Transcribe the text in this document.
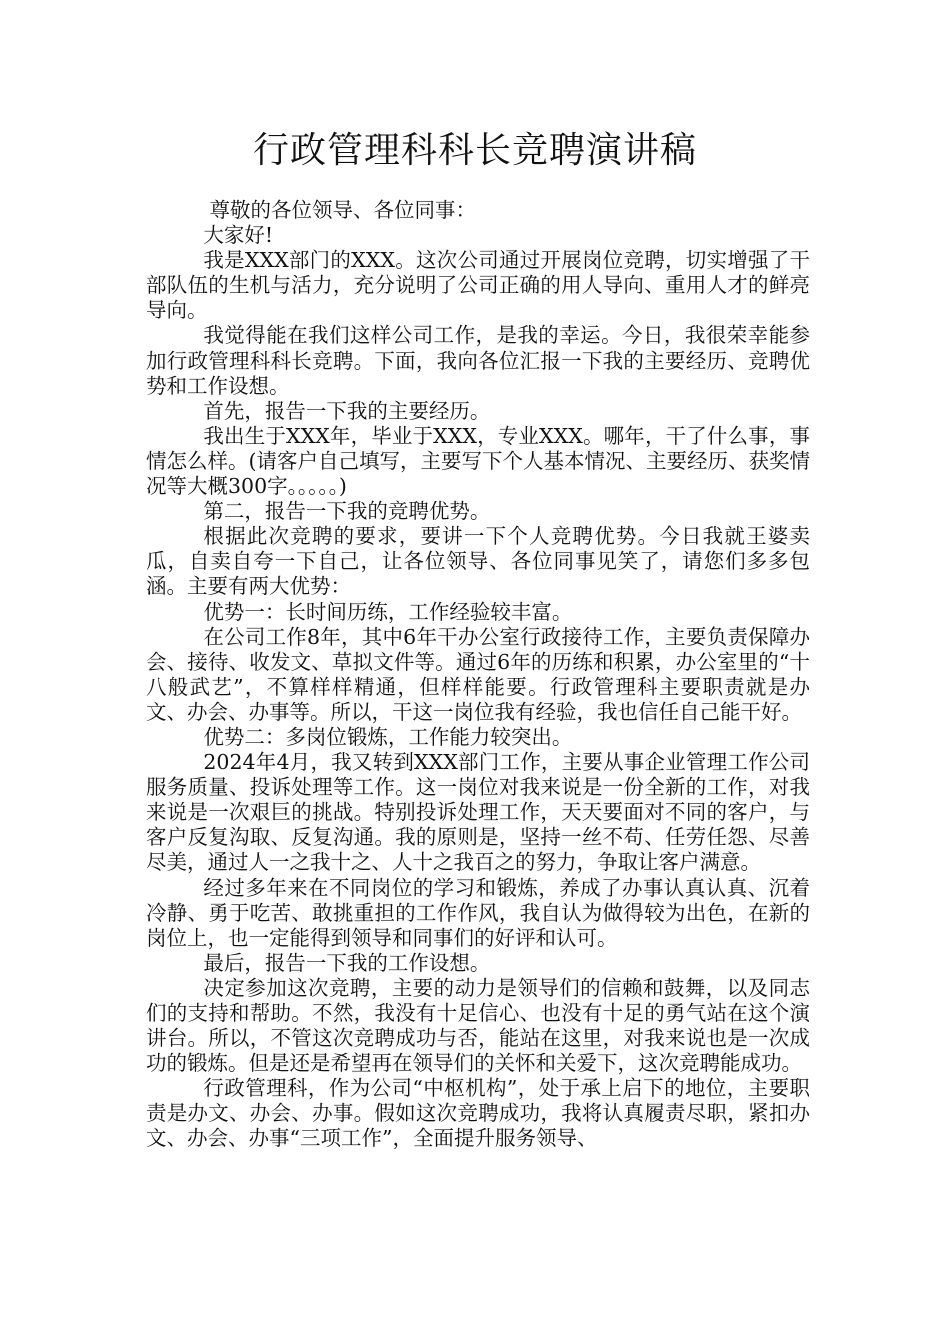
行政管理科科长竞聘演讲稿

尊敬的各位领导、各位同事：

大家好!

我是XXX部门的XXX。这次公司通过开展岗位竞聘，切实增强了干部队伍的生机与活力，充分说明了公司正确的用人导向、重用人才的鲜亮导向。

我觉得能在我们这样公司工作，是我的幸运。今日，我很荣幸能参加行政管理科科长竞聘。下面，我向各位汇报一下我的主要经历、竞聘优势和工作设想。

首先，报告一下我的主要经历。

我出生于XXX年，毕业于XXX，专业XXX。哪年，干了什么事，事情怎么样。(请客户自己填写，主要写下个人基本情况、主要经历、获奖情况等大概300字。。。。。)

第二，报告一下我的竞聘优势。

根据此次竞聘的要求，要讲一下个人竞聘优势。今日我就王婆卖瓜，自卖自夸一下自己，让各位领导、各位同事见笑了，请您们多多包涵。主要有两大优势：

优势一：长时间历练，工作经验较丰富。

在公司工作8年，其中6年干办公室行政接待工作，主要负责保障办会、接待、收发文、草拟文件等。通过6年的历练和积累，办公室里的“十八般武艺”，不算样样精通，但样样能要。行政管理科主要职责就是办文、办会、办事等。所以，干这一岗位我有经验，我也信任自己能干好。

优势二：多岗位锻炼，工作能力较突出。

2024年4月，我又转到XXX部门工作，主要从事企业管理工作公司服务质量、投诉处理等工作。这一岗位对我来说是一份全新的工作，对我来说是一次艰巨的挑战。特别投诉处理工作，天天要面对不同的客户，与客户反复沟取、反复沟通。我的原则是，坚持一丝不苟、任劳任怨、尽善尽美，通过人一之我十之、人十之我百之的努力，争取让客户满意。

经过多年来在不同岗位的学习和锻炼，养成了办事认真认真、沉着冷静、勇于吃苦、敢挑重担的工作作风，我自认为做得较为出色，在新的岗位上，也一定能得到领导和同事们的好评和认可。

最后，报告一下我的工作设想。

决定参加这次竞聘，主要的动力是领导们的信赖和鼓舞，以及同志们的支持和帮助。不然，我没有十足信心、也没有十足的勇气站在这个演讲台。所以，不管这次竞聘成功与否，能站在这里，对我来说也是一次成功的锻炼。但是还是希望再在领导们的关怀和关爱下，这次竞聘能成功。

行政管理科，作为公司“中枢机构”，处于承上启下的地位，主要职责是办文、办会、办事。假如这次竞聘成功，我将认真履责尽职，紧扣办文、办会、办事“三项工作”，全面提升服务领导、
